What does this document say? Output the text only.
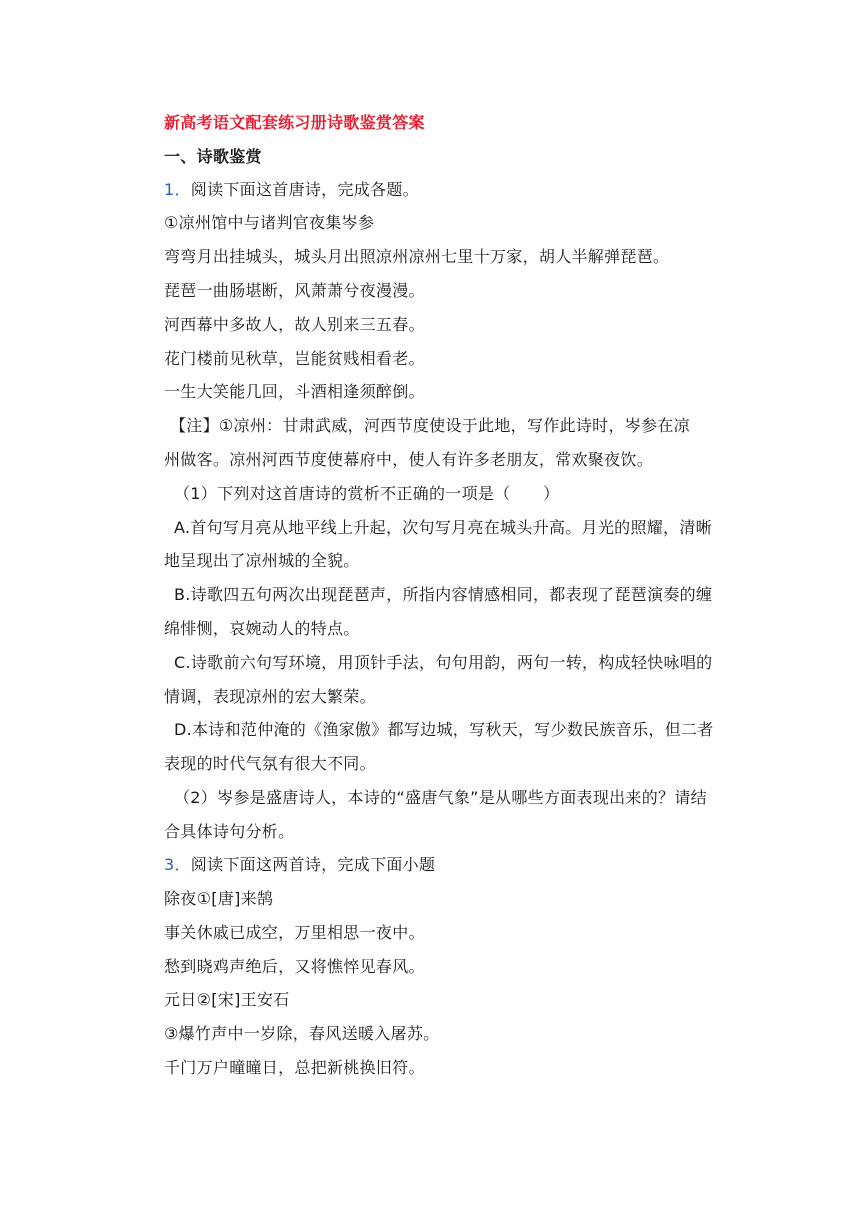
新高考语文配套练习册诗歌鉴赏答案
一、诗歌鉴赏
1．阅读下面这首唐诗，完成各题。
①凉州馆中与诸判官夜集岑参
弯弯月出挂城头，城头月出照凉州凉州七里十万家，胡人半解弹琵琶。
琵琶一曲肠堪断，风萧萧兮夜漫漫。
河西幕中多故人，故人别来三五春。
花门楼前见秋草，岂能贫贱相看老。
一生大笑能几回，斗酒相逢须醉倒。
【注】①凉州：甘肃武威，河西节度使设于此地，写作此诗时，岑参在凉
州做客。凉州河西节度使幕府中，使人有许多老朋友，常欢聚夜饮。
（1）下列对这首唐诗的赏析不正确的一项是（　　）
A.首句写月亮从地平线上升起，次句写月亮在城头升高。月光的照耀，清晰
地呈现出了凉州城的全貌。
B.诗歌四五句两次出现琵琶声，所指内容情感相同，都表现了琵琶演奏的缠
绵悱恻，哀婉动人的特点。
C.诗歌前六句写环境，用顶针手法，句句用韵，两句一转，构成轻快咏唱的
情调，表现凉州的宏大繁荣。
D.本诗和范仲淹的《渔家傲》都写边城，写秋天，写少数民族音乐，但二者
表现的时代气氛有很大不同。
（2）岑参是盛唐诗人，本诗的“盛唐气象”是从哪些方面表现出来的？请结
合具体诗句分析。
3．阅读下面这两首诗，完成下面小题
除夜①[唐]来鹄
事关休戚已成空，万里相思一夜中。
愁到晓鸡声绝后，又将憔悴见春风。
元日②[宋]王安石
③爆竹声中一岁除，春风送暖入屠苏。
千门万户曈曈日，总把新桃换旧符。
